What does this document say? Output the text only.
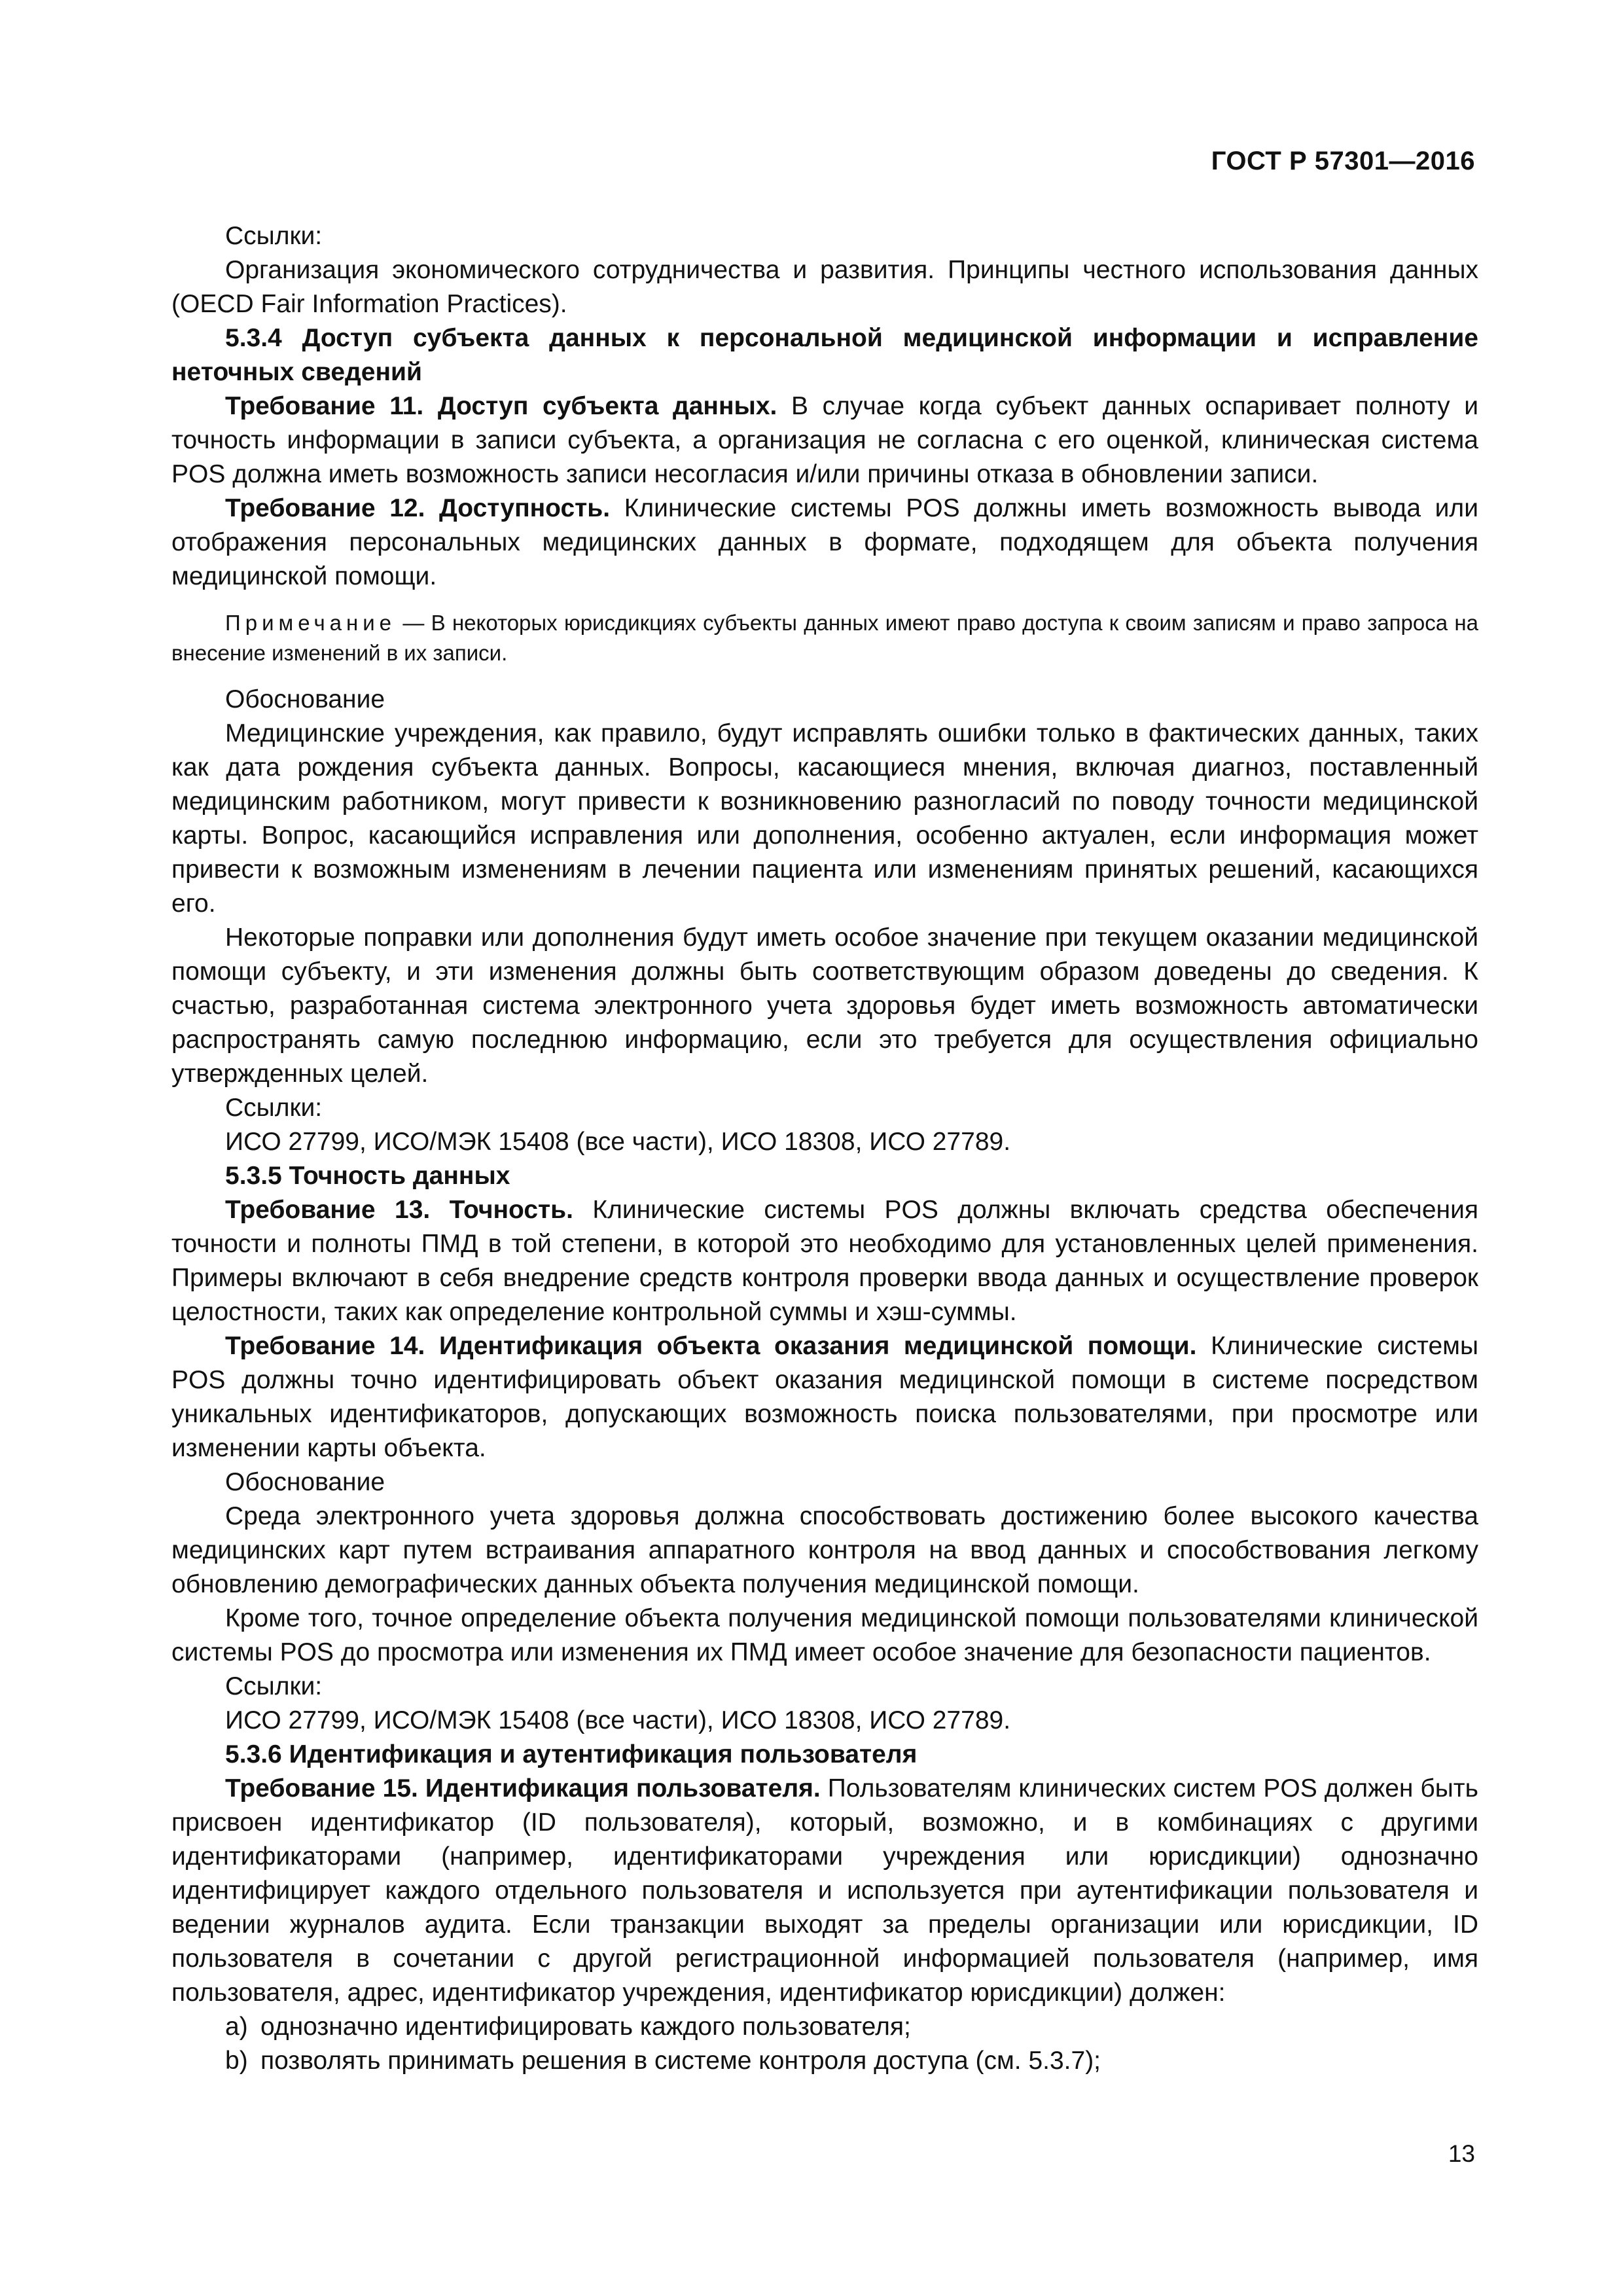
ГОСТ Р 57301—2016

Ссылки:

Организация экономического сотрудничества и развития. Принципы честного использования данных (OECD Fair Information Practices).

5.3.4 Доступ субъекта данных к персональной медицинской информации и исправление неточных сведений

Требование 11. Доступ субъекта данных. В случае когда субъект данных оспаривает полноту и точность информации в записи субъекта, а организация не согласна с его оценкой, клиническая система POS должна иметь возможность записи несогласия и/или причины отказа в обновлении записи.

Требование 12. Доступность. Клинические системы POS должны иметь возможность вывода или отображения персональных медицинских данных в формате, подходящем для объекта получения медицинской помощи.

Примечание — В некоторых юрисдикциях субъекты данных имеют право доступа к своим записям и право запроса на внесение изменений в их записи.

Обоснование

Медицинские учреждения, как правило, будут исправлять ошибки только в фактических данных, таких как дата рождения субъекта данных. Вопросы, касающиеся мнения, включая диагноз, поставленный медицинским работником, могут привести к возникновению разногласий по поводу точности медицинской карты. Вопрос, касающийся исправления или дополнения, особенно актуален, если информация может привести к возможным изменениям в лечении пациента или изменениям принятых решений, касающихся его.

Некоторые поправки или дополнения будут иметь особое значение при текущем оказании медицинской помощи субъекту, и эти изменения должны быть соответствующим образом доведены до сведения. К счастью, разработанная система электронного учета здоровья будет иметь возможность автоматически распространять самую последнюю информацию, если это требуется для осуществления официально утвержденных целей.

Ссылки:

ИСО 27799, ИСО/МЭК 15408 (все части), ИСО 18308, ИСО 27789.

5.3.5 Точность данных

Требование 13. Точность. Клинические системы POS должны включать средства обеспечения точности и полноты ПМД в той степени, в которой это необходимо для установленных целей применения. Примеры включают в себя внедрение средств контроля проверки ввода данных и осуществление проверок целостности, таких как определение контрольной суммы и хэш-суммы.

Требование 14. Идентификация объекта оказания медицинской помощи. Клинические системы POS должны точно идентифицировать объект оказания медицинской помощи в системе посредством уникальных идентификаторов, допускающих возможность поиска пользователями, при просмотре или изменении карты объекта.

Обоснование

Среда электронного учета здоровья должна способствовать достижению более высокого качества медицинских карт путем встраивания аппаратного контроля на ввод данных и способствования легкому обновлению демографических данных объекта получения медицинской помощи.

Кроме того, точное определение объекта получения медицинской помощи пользователями клинической системы POS до просмотра или изменения их ПМД имеет особое значение для безопасности пациентов.

Ссылки:

ИСО 27799, ИСО/МЭК 15408 (все части), ИСО 18308, ИСО 27789.

5.3.6 Идентификация и аутентификация пользователя

Требование 15. Идентификация пользователя. Пользователям клинических систем POS должен быть присвоен идентификатор (ID пользователя), который, возможно, и в комбинациях с другими идентификаторами (например, идентификаторами учреждения или юрисдикции) однозначно идентифицирует каждого отдельного пользователя и используется при аутентификации пользователя и ведении журналов аудита. Если транзакции выходят за пределы организации или юрисдикции, ID пользователя в сочетании с другой регистрационной информацией пользователя (например, имя пользователя, адрес, идентификатор учреждения, идентификатор юрисдикции) должен:

а) однозначно идентифицировать каждого пользователя;

b) позволять принимать решения в системе контроля доступа (см. 5.3.7);

13
